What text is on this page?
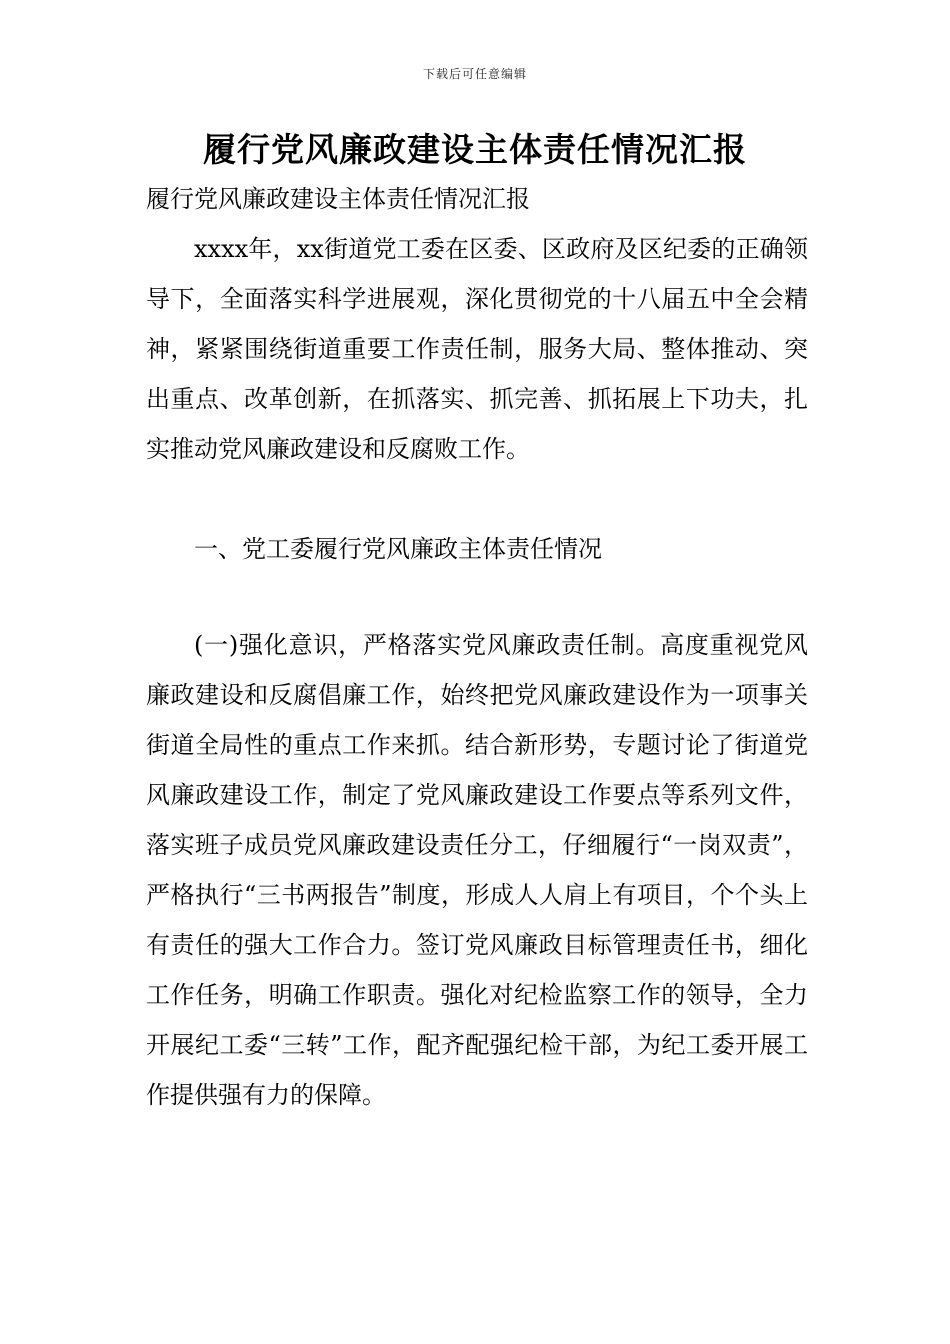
下载后可任意编辑
履行党风廉政建设主体责任情况汇报

履行党风廉政建设主体责任情况汇报

xxxx年，xx街道党工委在区委、区政府及区纪委的正确领导下，全面落实科学进展观，深化贯彻党的十八届五中全会精神，紧紧围绕街道重要工作责任制，服务大局、整体推动、突出重点、改革创新，在抓落实、抓完善、抓拓展上下功夫，扎实推动党风廉政建设和反腐败工作。

一、党工委履行党风廉政主体责任情况

(一)强化意识，严格落实党风廉政责任制。高度重视党风廉政建设和反腐倡廉工作，始终把党风廉政建设作为一项事关街道全局性的重点工作来抓。结合新形势，专题讨论了街道党风廉政建设工作，制定了党风廉政建设工作要点等系列文件，落实班子成员党风廉政建设责任分工，仔细履行“一岗双责”， 严格执行“三书两报告”制度，形成人人肩上有项目，个个头上有责任的强大工作合力。签订党风廉政目标管理责任书，细化工作任务，明确工作职责。强化对纪检监察工作的领导，全力开展纪工委“三转”工作，配齐配强纪检干部，为纪工委开展工作提供强有力的保障。
